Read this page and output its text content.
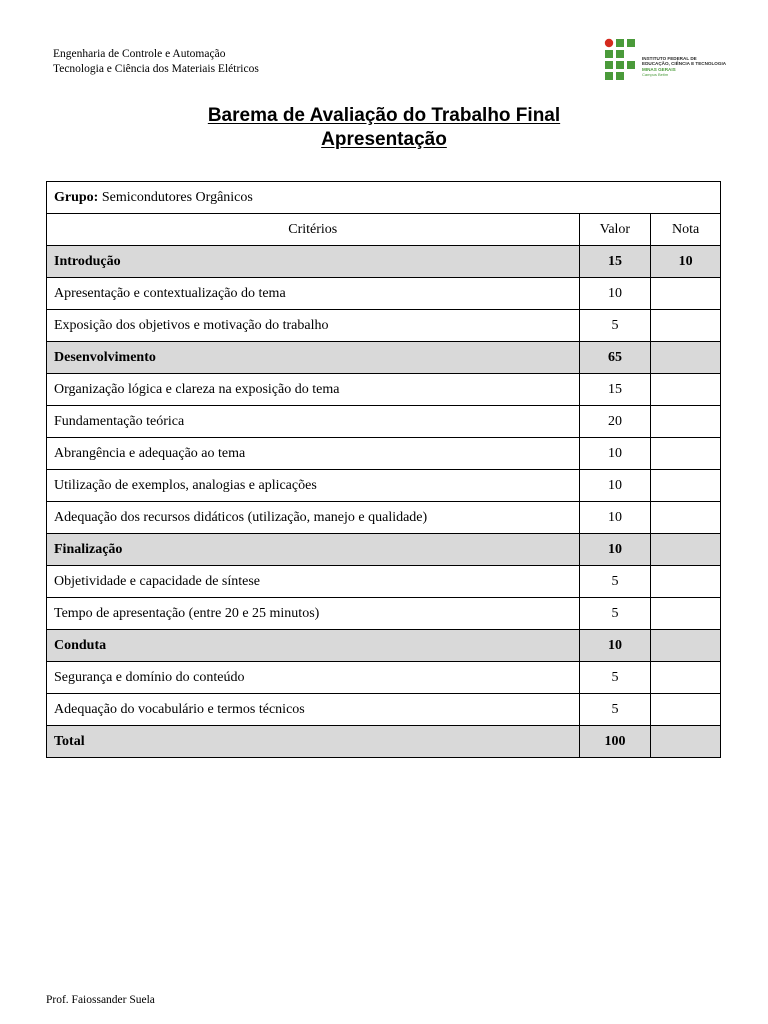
Engenharia de Controle e Automação
Tecnologia e Ciência dos Materiais Elétricos
INSTITUTO FEDERAL DE
EDUCAÇÃO, CIÊNCIA E TECNOLOGIA
MINAS GERAIS
Campus Betim
Barema de Avaliação do Trabalho Final
Apresentação
Grupo: Semicondutores Orgânicos		
Critérios	Valor	Nota
Introdução	15	10
Apresentação e contextualização do tema	10	
Exposição dos objetivos e motivação do trabalho	5	
Desenvolvimento	65	
Organização lógica e clareza na exposição do tema	15	
Fundamentação teórica	20	
Abrangência e adequação ao tema	10	
Utilização de exemplos, analogias e aplicações	10	
Adequação dos recursos didáticos (utilização, manejo e qualidade)	10	
Finalização	10	
Objetividade e capacidade de síntese	5	
Tempo de apresentação (entre 20 e 25 minutos)	5	
Conduta	10	
Segurança e domínio do conteúdo	5	
Adequação do vocabulário e termos técnicos	5	
Total	100	
Prof. Faiossander Suela
